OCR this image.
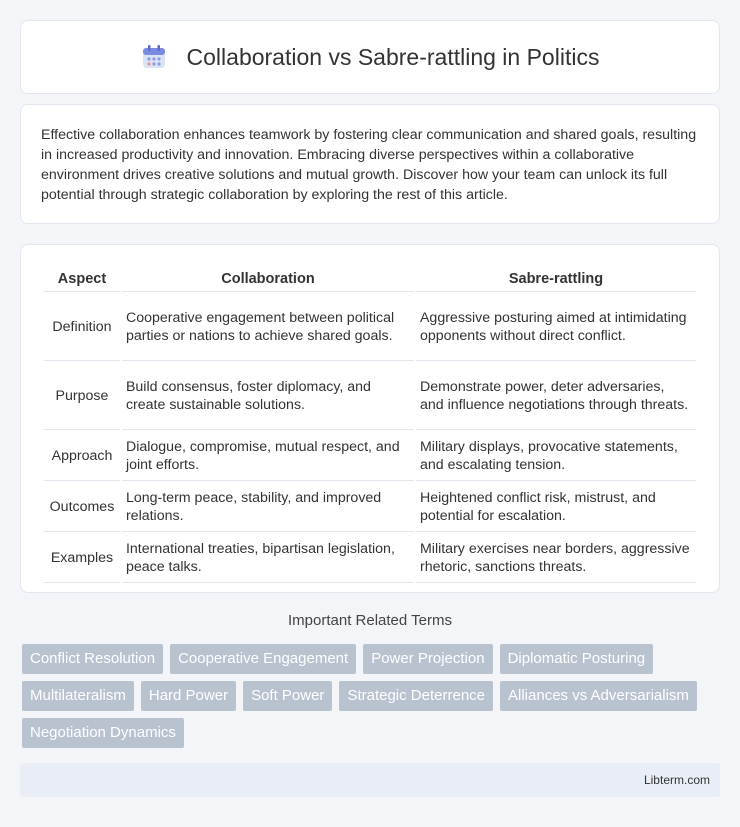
Collaboration vs Sabre-rattling in Politics

Effective collaboration enhances teamwork by fostering clear communication and shared goals, resulting in increased productivity and innovation. Embracing diverse perspectives within a collaborative environment drives creative solutions and mutual growth. Discover how your team can unlock its full potential through strategic collaboration by exploring the rest of this article.

Aspect	Collaboration	Sabre-rattling
Definition	Cooperative engagement between political parties or nations to achieve shared goals.	Aggressive posturing aimed at intimidating opponents without direct conflict.
Purpose	Build consensus, foster diplomacy, and create sustainable solutions.	Demonstrate power, deter adversaries, and influence negotiations through threats.
Approach	Dialogue, compromise, mutual respect, and joint efforts.	Military displays, provocative statements, and escalating tension.
Outcomes	Long-term peace, stability, and improved relations.	Heightened conflict risk, mistrust, and potential for escalation.
Examples	International treaties, bipartisan legislation, peace talks.	Military exercises near borders, aggressive rhetoric, sanctions threats.
Important Related Terms
Conflict Resolution	Cooperative Engagement	Power Projection	Diplomatic Posturing
Multilateralism	Hard Power	Soft Power	Strategic Deterrence	Alliances vs Adversarialism
Negotiation Dynamics
Libterm.com
